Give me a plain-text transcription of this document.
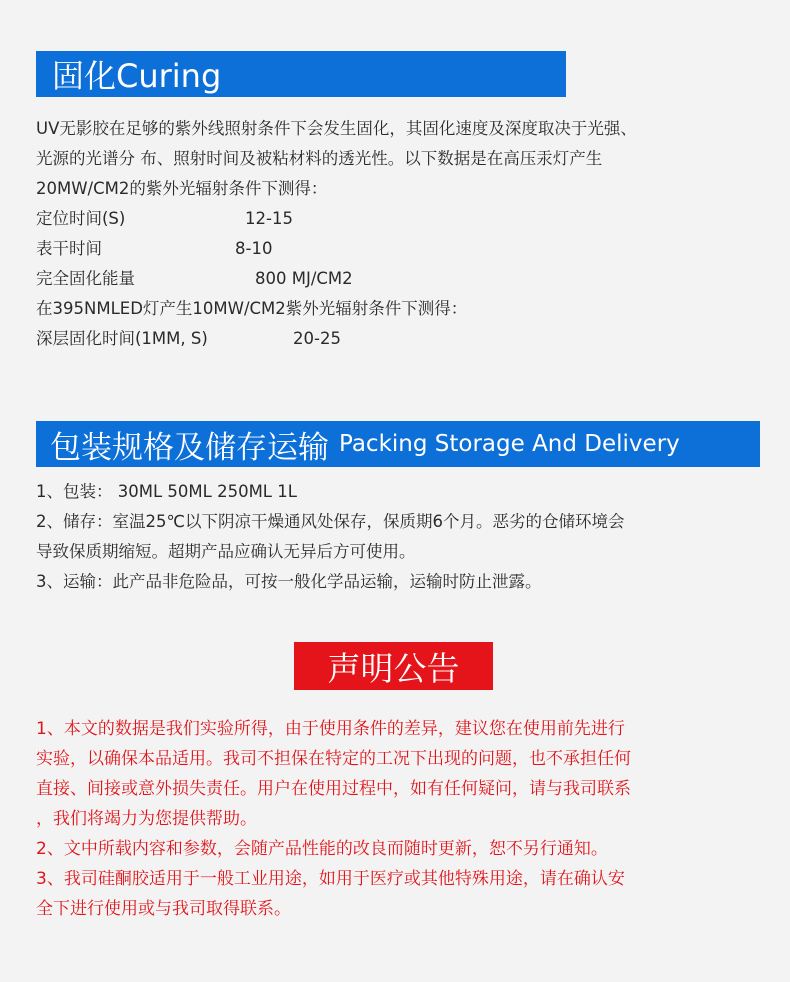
固化Curing
UV无影胶在足够的紫外线照射条件下会发生固化，其固化速度及深度取决于光强、
光源的光谱分 布、照射时间及被粘材料的透光性。以下数据是在高压汞灯产生
20MW/CM2的紫外光辐射条件下测得：
定位时间(S)	12-15
表干时间	8-10
完全固化能量	800 MJ/CM2
在395NMLED灯产生10MW/CM2紫外光辐射条件下测得：
深层固化时间(1MM, S)	20-25
包装规格及储存运输 Packing Storage And Delivery
1、包装： 30ML 50ML 250ML 1L
2、储存：室温25℃以下阴凉干燥通风处保存，保质期6个月。恶劣的仓储环境会
导致保质期缩短。超期产品应确认无异后方可使用。
3、运输：此产品非危险品，可按一般化学品运输，运输时防止泄露。
声明公告
1、本文的数据是我们实验所得，由于使用条件的差异，建议您在使用前先进行
实验，以确保本品适用。我司不担保在特定的工况下出现的问题，也不承担任何
直接、间接或意外损失责任。用户在使用过程中，如有任何疑问，请与我司联系
，我们将竭力为您提供帮助。
2、文中所载内容和参数，会随产品性能的改良而随时更新，恕不另行通知。
3、我司硅酮胶适用于一般工业用途，如用于医疗或其他特殊用途，请在确认安
全下进行使用或与我司取得联系。
